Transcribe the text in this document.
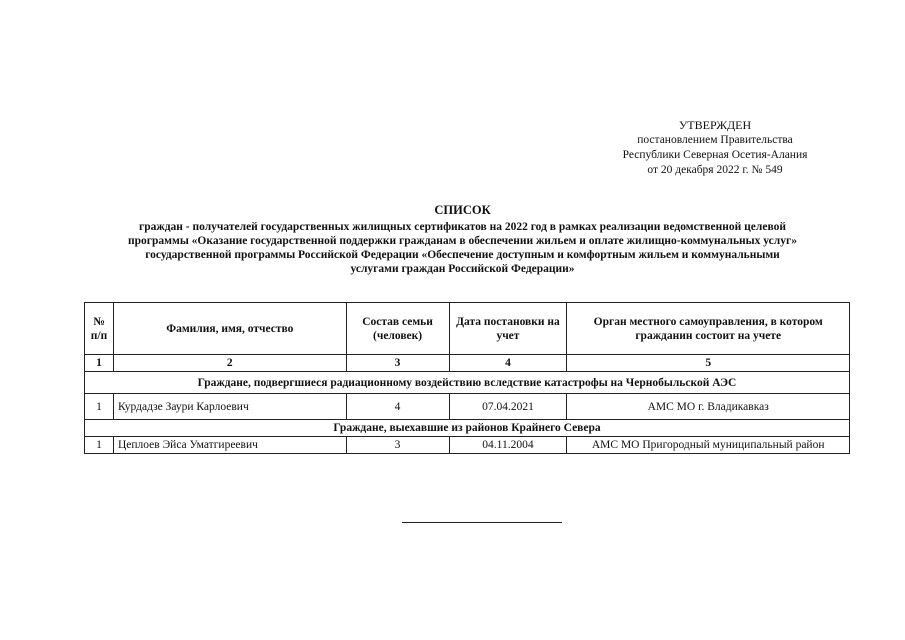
УТВЕРЖДЕН
постановлением Правительства
Республики Северная Осетия-Алания
от 20 декабря 2022 г. № 549
СПИСОК
граждан - получателей государственных жилищных сертификатов на 2022 год в рамках реализации ведомственной целевой
программы «Оказание государственной поддержки гражданам в обеспечении жильем и оплате жилищно-коммунальных услуг»
государственной программы Российской Федерации «Обеспечение доступным и комфортным жильем и коммунальными
услугами граждан Российской Федерации»
№ п/п	Фамилия, имя, отчество	Состав семьи (человек)	Дата постановки на учет	Орган местного самоуправления, в котором гражданин состоит на учете
1	2	3	4	5
Граждане, подвергшиеся радиационному воздействию вследствие катастрофы на Чернобыльской АЭС				
1	Курдадзе Заури Карлоевич	4	07.04.2021	АМС МО г. Владикавказ
Граждане, выехавшие из районов Крайнего Севера				
1	Цеплоев Эйса Уматгиреевич	3	04.11.2004	АМС МО Пригородный муниципальный район
